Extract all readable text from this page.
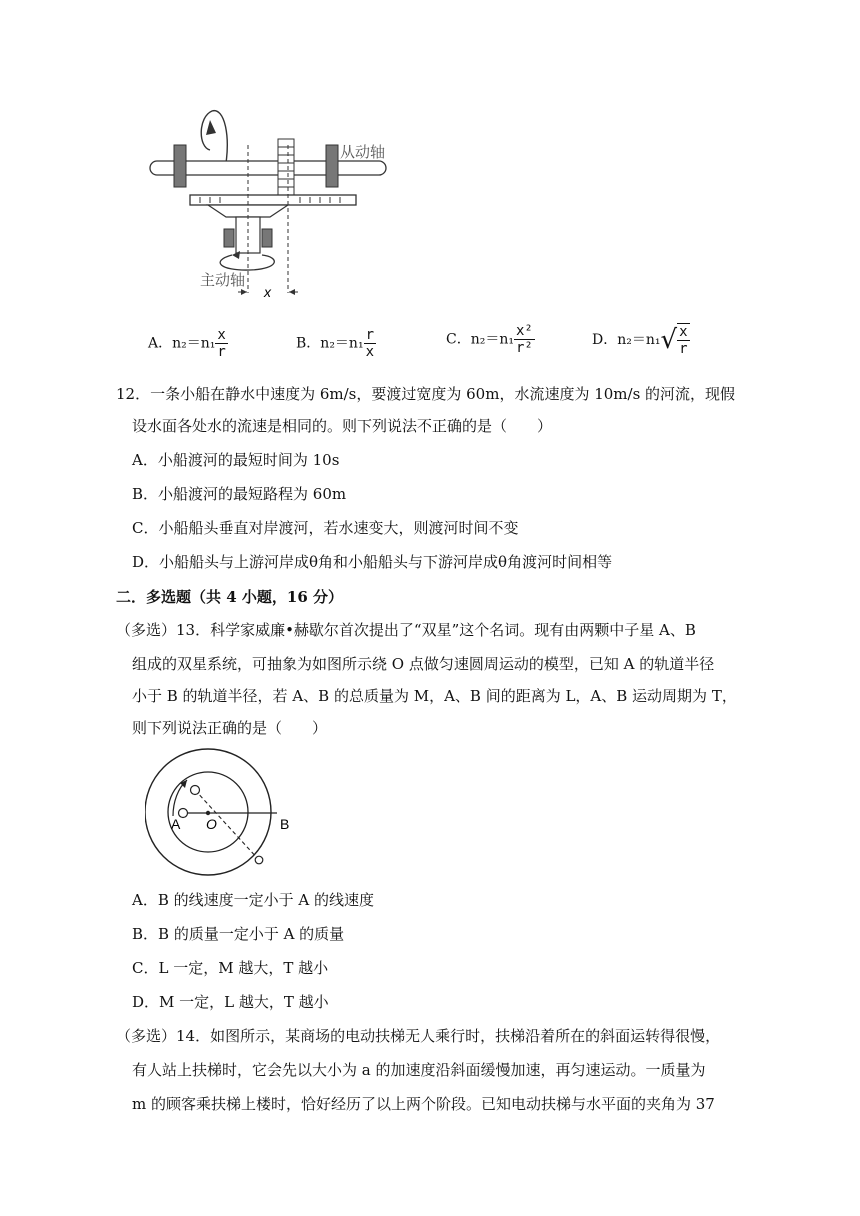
从动轴
主动轴
x
A．$n_2=n_1 \frac{x}{r}$	B．$n_2=n_1 \frac{r}{x}$	C．$n_2=n_1 \frac{\text{x²}}{\text{r²}}$	D．$n_2=n_1√ \frac{x}{r}$
12．一条小船在静水中速度为 6m/s，要渡过宽度为 60m，水流速度为 10m/s 的河流，现假
设水面各处水的流速是相同的。则下列说法不正确的是（　　）
A．小船渡河的最短时间为 10s
B．小船渡河的最短路程为 60m
C．小船船头垂直对岸渡河，若水速变大，则渡河时间不变
D．小船船头与上游河岸成θ角和小船船头与下游河岸成θ角渡河时间相等
二．多选题（共 4 小题，16 分）
（多选）13．科学家威廉•赫歇尔首次提出了“双星”这个名词。现有由两颗中子星 A、B
组成的双星系统，可抽象为如图所示绕 O 点做匀速圆周运动的模型，已知 A 的轨道半径
小于 B 的轨道半径，若 A、B 的总质量为 M，A、B 间的距离为 L，A、B 运动周期为 T，
则下列说法正确的是（　　）
A O	B
A．B 的线速度一定小于 A 的线速度
B．B 的质量一定小于 A 的质量
C．L 一定，M 越大，T 越小
D．M 一定，L 越大，T 越小
（多选）14．如图所示，某商场的电动扶梯无人乘行时，扶梯沿着所在的斜面运转得很慢，
有人站上扶梯时，它会先以大小为 a 的加速度沿斜面缓慢加速，再匀速运动。一质量为
m 的顾客乘扶梯上楼时，恰好经历了以上两个阶段。已知电动扶梯与水平面的夹角为 37
